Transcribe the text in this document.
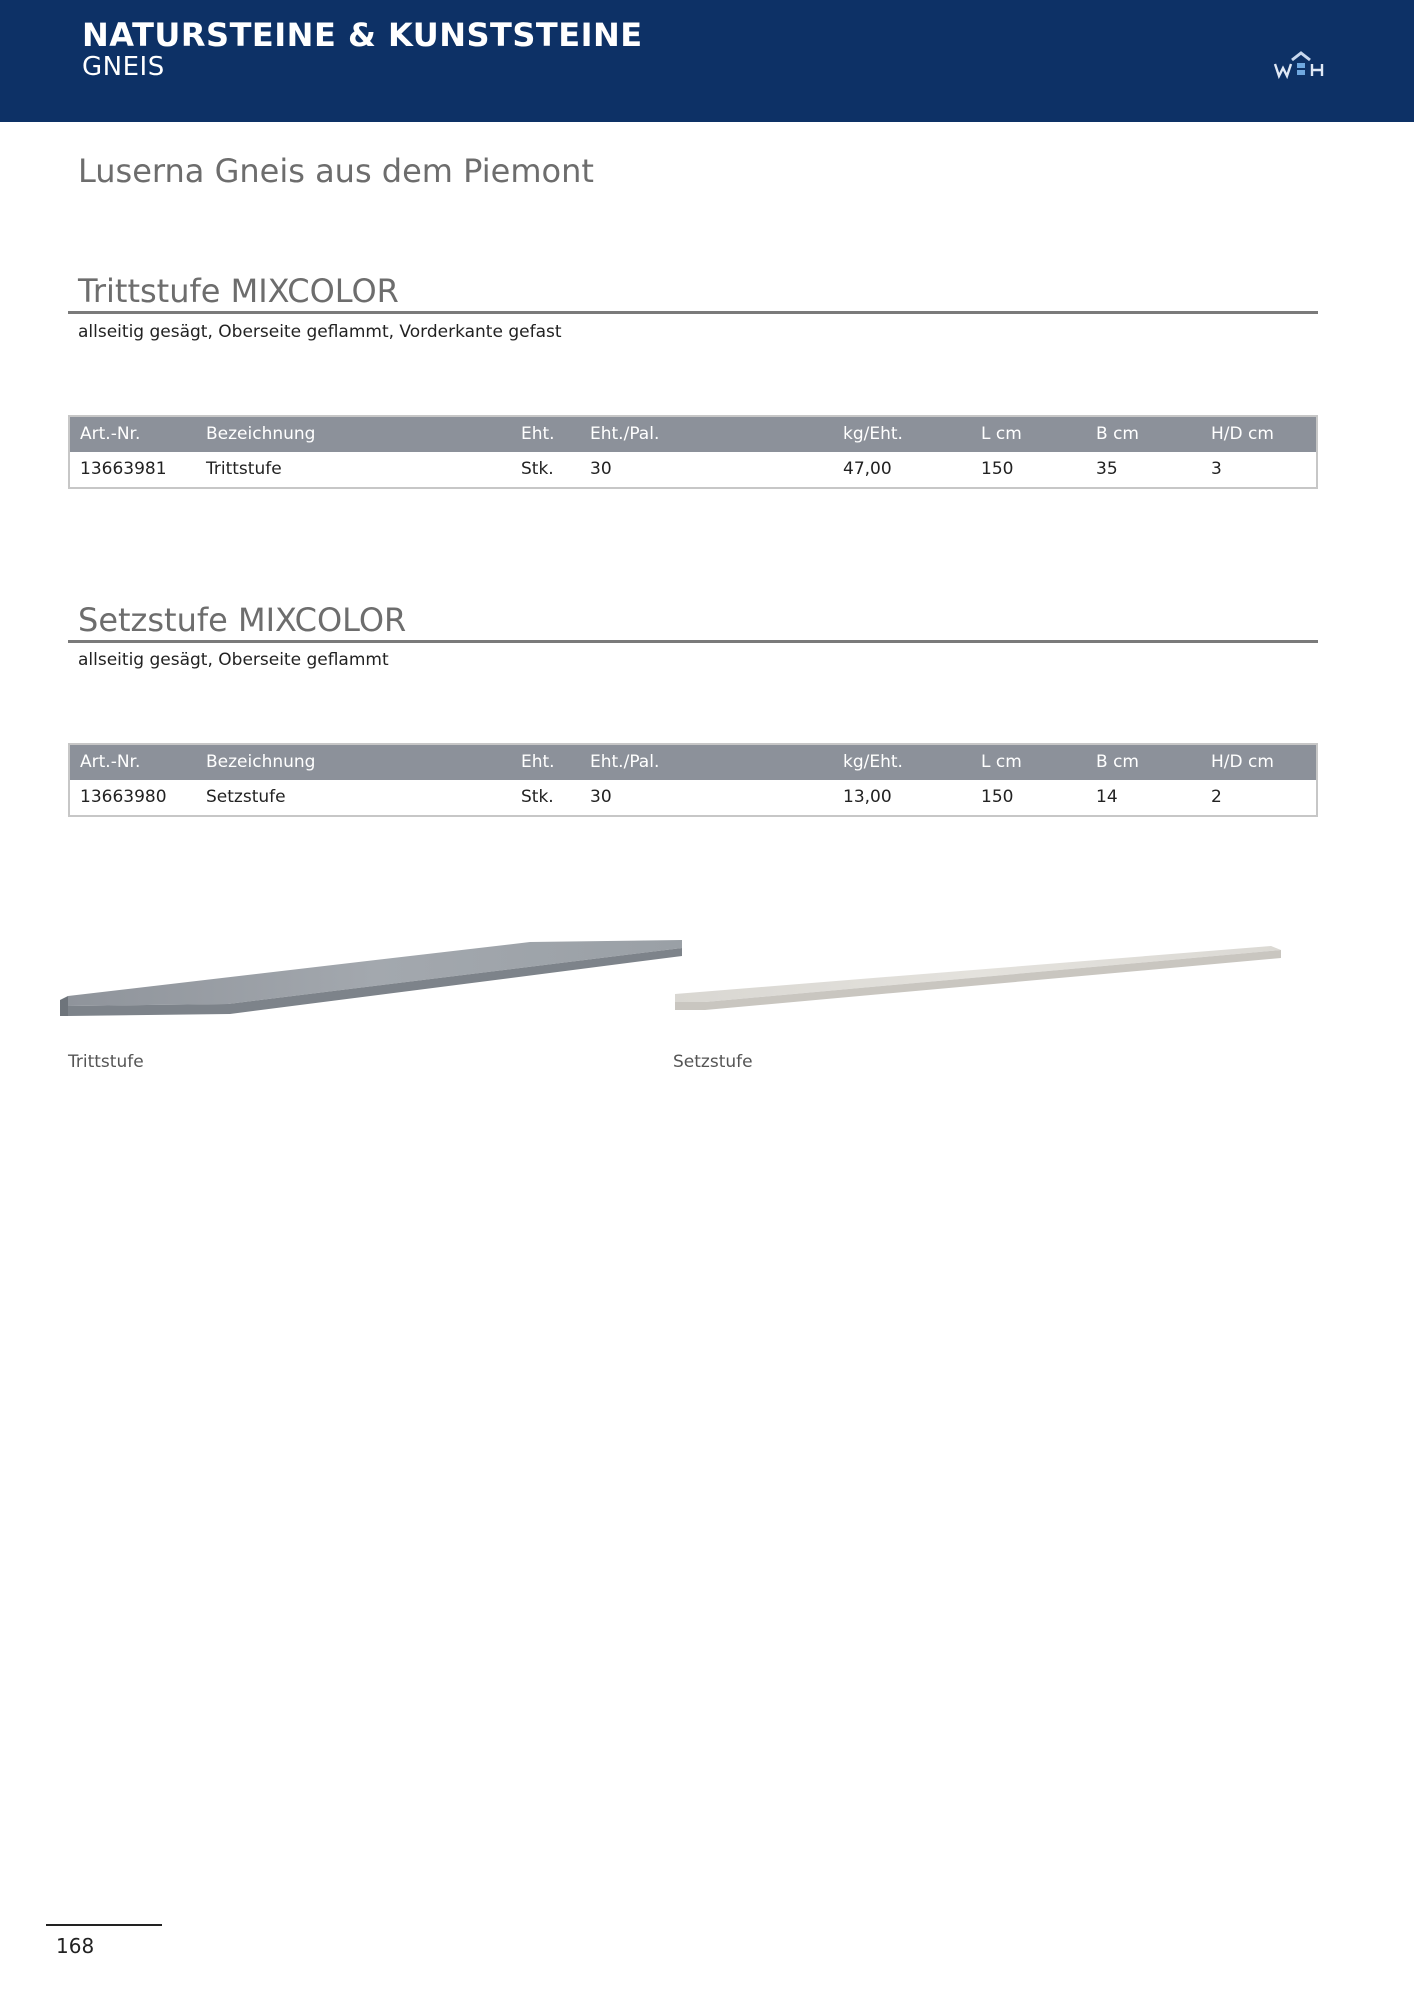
NATURSTEINE & KUNSTSTEINE
GNEIS
Luserna Gneis aus dem Piemont
Trittstufe MIXCOLOR
allseitig gesägt, Oberseite geflammt, Vorderkante gefast
Art.-Nr.	Bezeichnung	Eht. Eht./Pal.	kg/Eht.	L cm	B cm	H/D cm
13663981 Trittstufe	Stk. 30	47,00	150	35	3
Setzstufe MIXCOLOR
allseitig gesägt, Oberseite geflammt
Art.-Nr.	Bezeichnung	Eht. Eht./Pal.	kg/Eht.	L cm	B cm	H/D cm
13663980 Setzstufe	Stk. 30	13,00	150	14	2
Trittstufe	Setzstufe
168
